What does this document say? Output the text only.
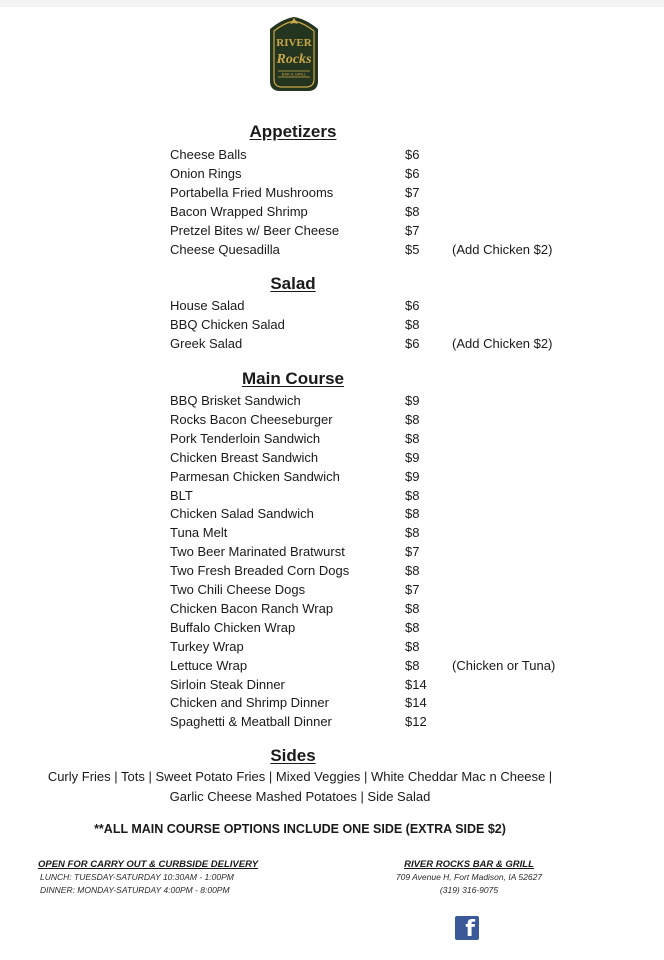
RIVER
Rocks
BAR & GRILL
Appetizers
Cheese Balls	$6
Onion Rings	$6
Portabella Fried Mushrooms	$7
Bacon Wrapped Shrimp	$8
Pretzel Bites w/ Beer Cheese	$7
Cheese Quesadilla	$5	(Add Chicken $2)
Salad
House Salad	$6
BBQ Chicken Salad	$8
Greek Salad	$6	(Add Chicken $2)
Main Course
BBQ Brisket Sandwich	$9
Rocks Bacon Cheeseburger	$8
Pork Tenderloin Sandwich	$8
Chicken Breast Sandwich	$9
Parmesan Chicken Sandwich	$9
BLT	$8
Chicken Salad Sandwich	$8
Tuna Melt	$8
Two Beer Marinated Bratwurst	$7
Two Fresh Breaded Corn Dogs	$8
Two Chili Cheese Dogs	$7
Chicken Bacon Ranch Wrap	$8
Buffalo Chicken Wrap	$8
Turkey Wrap	$8
Lettuce Wrap	$8	(Chicken or Tuna)
Sirloin Steak Dinner	$14
Chicken and Shrimp Dinner	$14
Spaghetti & Meatball Dinner	$12
Sides
Curly Fries | Tots | Sweet Potato Fries | Mixed Veggies | White Cheddar Mac n Cheese |
Garlic Cheese Mashed Potatoes | Side Salad
**ALL MAIN COURSE OPTIONS INCLUDE ONE SIDE (EXTRA SIDE $2)
OPEN FOR CARRY OUT & CURBSIDE DELIVERY
LUNCH: TUESDAY-SATURDAY 10:30AM - 1:00PM
DINNER: MONDAY-SATURDAY 4:00PM - 8:00PM
RIVER ROCKS BAR & GRILL
709 Avenue H, Fort Madison, IA 52627
(319) 316-9075
f
